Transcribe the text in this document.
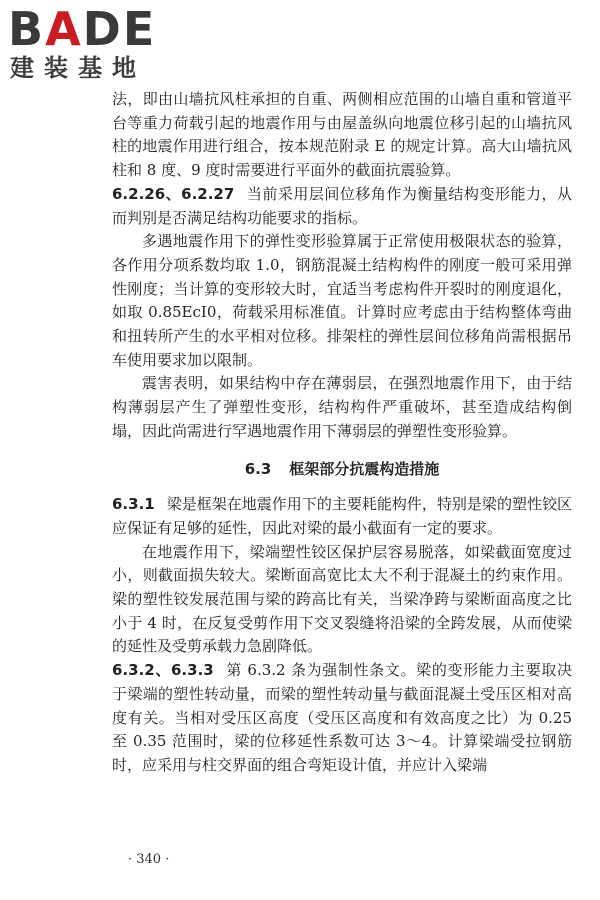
BADE
建装基地

法，即由山墙抗风柱承担的自重、两侧相应范围的山墙自重和管道平台等重力荷载引起的地震作用与由屋盖纵向地震位移引起的山墙抗风柱的地震作用进行组合，按本规范附录 E 的规定计算。高大山墙抗风柱和 8 度、9 度时需要进行平面外的截面抗震验算。

6.2.26、6.2.27 当前采用层间位移角作为衡量结构变形能力，从而判别是否满足结构功能要求的指标。

多遇地震作用下的弹性变形验算属于正常使用极限状态的验算，各作用分项系数均取 1.0，钢筋混凝土结构构件的刚度一般可采用弹性刚度；当计算的变形较大时，宜适当考虑构件开裂时的刚度退化，如取 0.85EcI0，荷载采用标准值。计算时应考虑由于结构整体弯曲和扭转所产生的水平相对位移。排架柱的弹性层间位移角尚需根据吊车使用要求加以限制。

震害表明，如果结构中存在薄弱层，在强烈地震作用下，由于结构薄弱层产生了弹塑性变形，结构构件严重破坏，甚至造成结构倒塌，因此尚需进行罕遇地震作用下薄弱层的弹塑性变形验算。

6.3 框架部分抗震构造措施

6.3.1 梁是框架在地震作用下的主要耗能构件，特别是梁的塑性铰区应保证有足够的延性，因此对梁的最小截面有一定的要求。

在地震作用下，梁端塑性铰区保护层容易脱落，如梁截面宽度过小，则截面损失较大。梁断面高宽比太大不利于混凝土的约束作用。梁的塑性铰发展范围与梁的跨高比有关，当梁净跨与梁断面高度之比小于 4 时，在反复受剪作用下交叉裂缝将沿梁的全跨发展，从而使梁的延性及受剪承载力急剧降低。

6.3.2、6.3.3 第 6.3.2 条为强制性条文。梁的变形能力主要取决于梁端的塑性转动量，而梁的塑性转动量与截面混凝土受压区相对高度有关。当相对受压区高度（受压区高度和有效高度之比）为 0.25 至 0.35 范围时，梁的位移延性系数可达 3～4。计算梁端受拉钢筋时，应采用与柱交界面的组合弯矩设计值，并应计入梁端

· 340 ·
